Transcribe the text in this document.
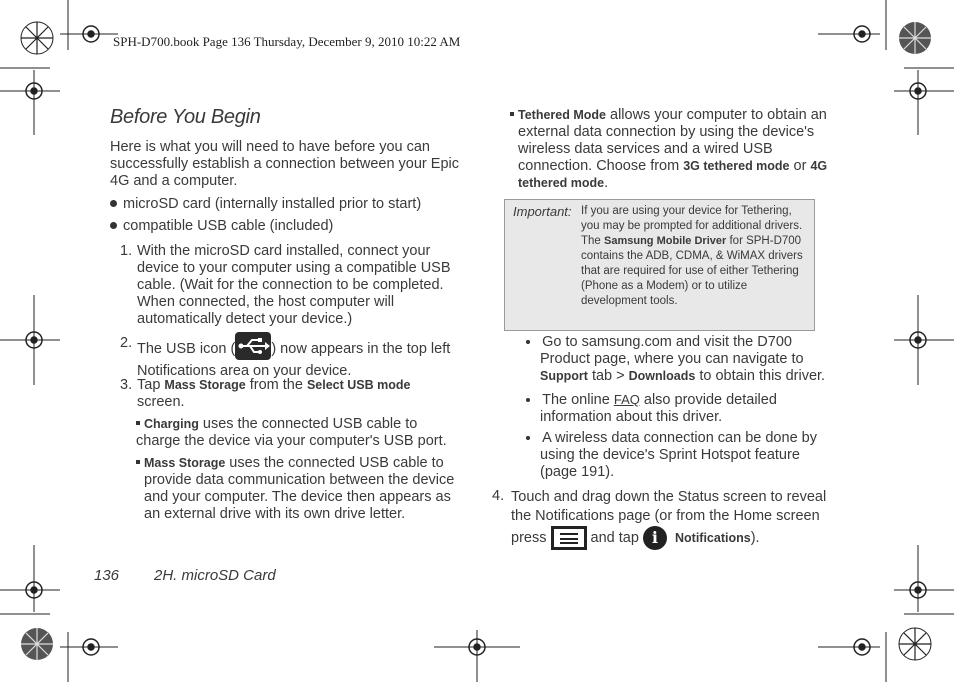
SPH-D700.book Page 136 Thursday, December 9, 2010 10:22 AM
Before You Begin
Here is what you will need to have before you can successfully establish a connection between your Epic 4G and a computer.
microSD card (internally installed prior to start)
compatible USB cable (included)
1. With the microSD card installed, connect your device to your computer using a compatible USB cable. (Wait for the connection to be completed. When connected, the host computer will automatically detect your device.)
2. The USB icon ( ) now appears in the top left Notifications area on your device.
3. Tap Mass Storage from the Select USB mode screen.
Charging uses the connected USB cable to charge the device via your computer's USB port.
Mass Storage uses the connected USB cable to provide data communication between the device and your computer. The device then appears as an external drive with its own drive letter.
Tethered Mode allows your computer to obtain an external data connection by using the device's wireless data services and a wired USB connection. Choose from 3G tethered mode or 4G tethered mode.
Important: If you are using your device for Tethering, you may be prompted for additional drivers.
The Samsung Mobile Driver for SPH-D700 contains the ADB, CDMA, & WiMAX drivers that are required for use of either Tethering (Phone as a Modem) or to utilize development tools.
Go to samsung.com and visit the D700 Product page, where you can navigate to Support tab > Downloads to obtain this driver.
The online FAQ also provide detailed information about this driver.
A wireless data connection can be done by using the device's Sprint Hotspot feature (page 191).
4. Touch and drag down the Status screen to reveal the Notifications page (or from the Home screen press  and tap i Notifications).
136 2H. microSD Card
